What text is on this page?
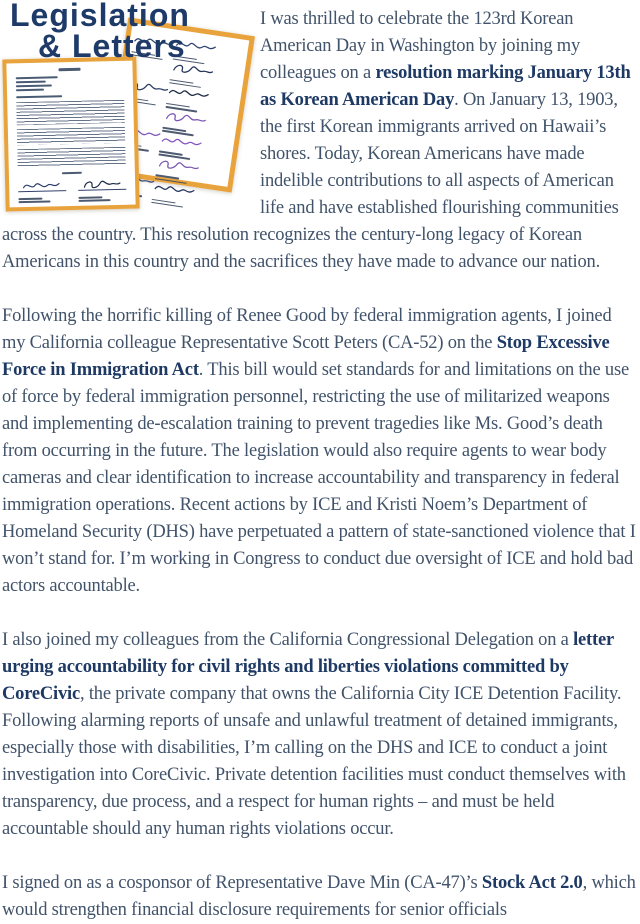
Legislation
& Letters

I was thrilled to celebrate the 123rd Korean American Day in Washington by joining my colleagues on a resolution marking January 13th as Korean American Day. On January 13, 1903, the first Korean immigrants arrived on Hawaii’s shores. Today, Korean Americans have made indelible contributions to all aspects of American life and have established flourishing communities across the country. This resolution recognizes the century-long legacy of Korean Americans in this country and the sacrifices they have made to advance our nation.

Following the horrific killing of Renee Good by federal immigration agents, I joined my California colleague Representative Scott Peters (CA-52) on the Stop Excessive Force in Immigration Act. This bill would set standards for and limitations on the use of force by federal immigration personnel, restricting the use of militarized weapons and implementing de-escalation training to prevent tragedies like Ms. Good’s death from occurring in the future. The legislation would also require agents to wear body cameras and clear identification to increase accountability and transparency in federal immigration operations. Recent actions by ICE and Kristi Noem’s Department of Homeland Security (DHS) have perpetuated a pattern of state-sanctioned violence that I won’t stand for. I’m working in Congress to conduct due oversight of ICE and hold bad actors accountable.

I also joined my colleagues from the California Congressional Delegation on a letter urging accountability for civil rights and liberties violations committed by CoreCivic, the private company that owns the California City ICE Detention Facility. Following alarming reports of unsafe and unlawful treatment of detained immigrants, especially those with disabilities, I’m calling on the DHS and ICE to conduct a joint investigation into CoreCivic. Private detention facilities must conduct themselves with transparency, due process, and a respect for human rights – and must be held accountable should any human rights violations occur.

I signed on as a cosponsor of Representative Dave Min (CA-47)’s Stock Act 2.0, which would strengthen financial disclosure requirements for senior officials
